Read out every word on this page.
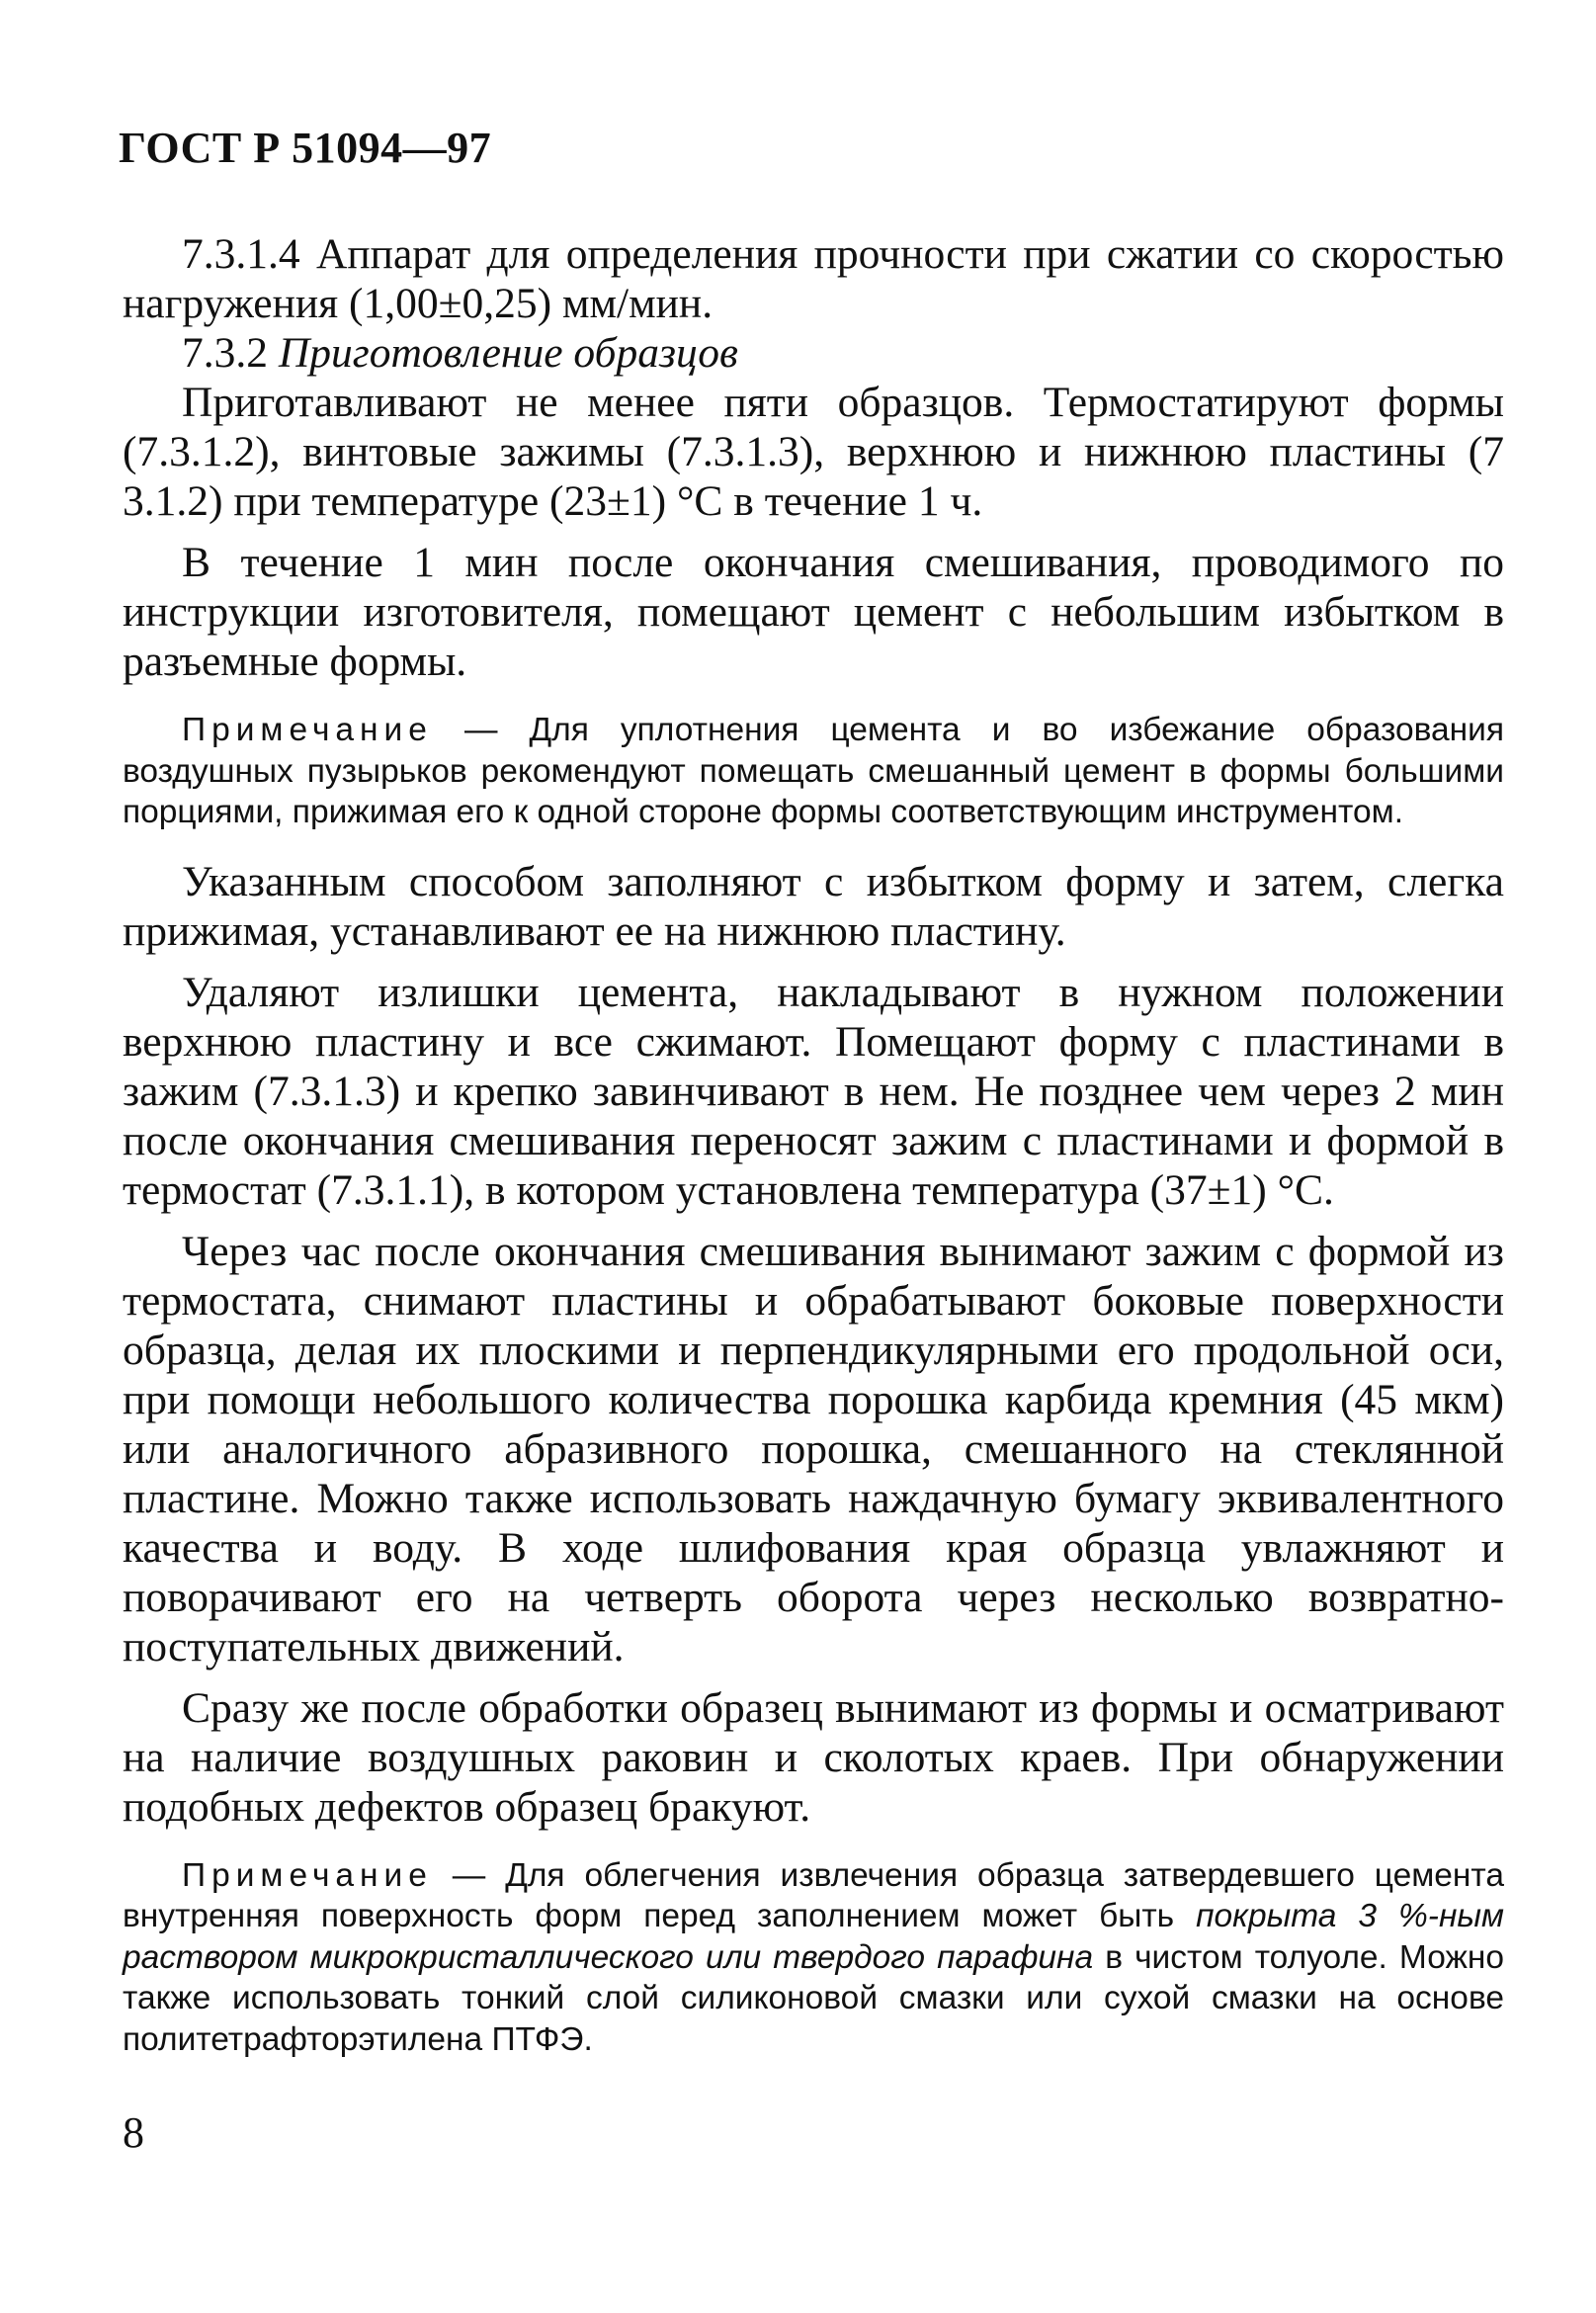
ГОСТ Р 51094—97

7.3.1.4 Аппарат для определения прочности при сжатии со скоростью нагружения (1,00±0,25) мм/мин.

7.3.2 Приготовление образцов

Приготавливают не менее пяти образцов. Термостатируют формы (7.3.1.2), винтовые зажимы (7.3.1.3), верхнюю и нижнюю пластины (7 3.1.2) при температуре (23±1) °С в течение 1 ч.

В течение 1 мин после окончания смешивания, проводимого по инструкции изготовителя, помещают цемент с небольшим избытком в разъемные формы.

Примечание — Для уплотнения цемента и во избежание образования воздушных пузырьков рекомендуют помещать смешанный цемент в формы большими порциями, прижимая его к одной стороне формы соответствующим инструментом.

Указанным способом заполняют с избытком форму и затем, слегка прижимая, устанавливают ее на нижнюю пластину.

Удаляют излишки цемента, накладывают в нужном положении верхнюю пластину и все сжимают. Помещают форму с пластинами в зажим (7.3.1.3) и крепко завинчивают в нем. Не позднее чем через 2 мин после окончания смешивания переносят зажим с пластинами и формой в термостат (7.3.1.1), в котором установлена температура (37±1) °С.

Через час после окончания смешивания вынимают зажим с формой из термостата, снимают пластины и обрабатывают боковые поверхности образца, делая их плоскими и перпендикулярными его продольной оси, при помощи небольшого количества порошка карбида кремния (45 мкм) или аналогичного абразивного порошка, смешанного на стеклянной пластине. Можно также использовать наждачную бумагу эквивалентного качества и воду. В ходе шлифования края образца увлажняют и поворачивают его на четверть оборота через несколько возвратно-поступательных движений.

Сразу же после обработки образец вынимают из формы и осматривают на наличие воздушных раковин и сколотых краев. При обнаружении подобных дефектов образец бракуют.

Примечание — Для облегчения извлечения образца затвердевшего цемента внутренняя поверхность форм перед заполнением может быть покрыта 3 %-ным раствором микрокристаллического или твердого парафина в чистом толуоле. Можно также использовать тонкий слой силиконовой смазки или сухой смазки на основе политетрафторэтилена ПТФЭ.

8
